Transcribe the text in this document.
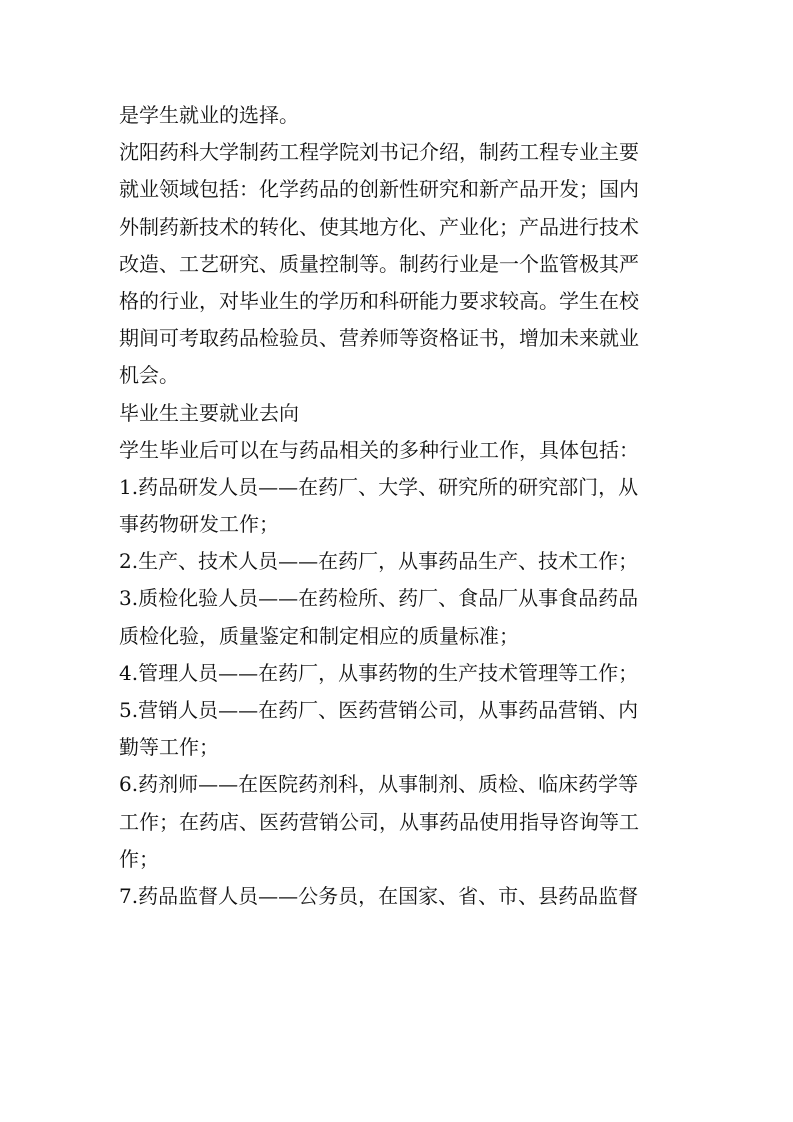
是学生就业的选择。
沈阳药科大学制药工程学院刘书记介绍，制药工程专业主要
就业领域包括：化学药品的创新性研究和新产品开发；国内
外制药新技术的转化、使其地方化、产业化；产品进行技术
改造、工艺研究、质量控制等。制药行业是一个监管极其严
格的行业，对毕业生的学历和科研能力要求较高。学生在校
期间可考取药品检验员、营养师等资格证书，增加未来就业
机会。
毕业生主要就业去向
学生毕业后可以在与药品相关的多种行业工作，具体包括：
1.药品研发人员——在药厂、大学、研究所的研究部门，从
事药物研发工作；
2.生产、技术人员——在药厂，从事药品生产、技术工作；
3.质检化验人员——在药检所、药厂、食品厂从事食品药品
质检化验，质量鉴定和制定相应的质量标准；
4.管理人员——在药厂，从事药物的生产技术管理等工作；
5.营销人员——在药厂、医药营销公司，从事药品营销、内
勤等工作；
6.药剂师——在医院药剂科，从事制剂、质检、临床药学等
工作；在药店、医药营销公司，从事药品使用指导咨询等工
作；
7.药品监督人员——公务员，在国家、省、市、县药品监督
